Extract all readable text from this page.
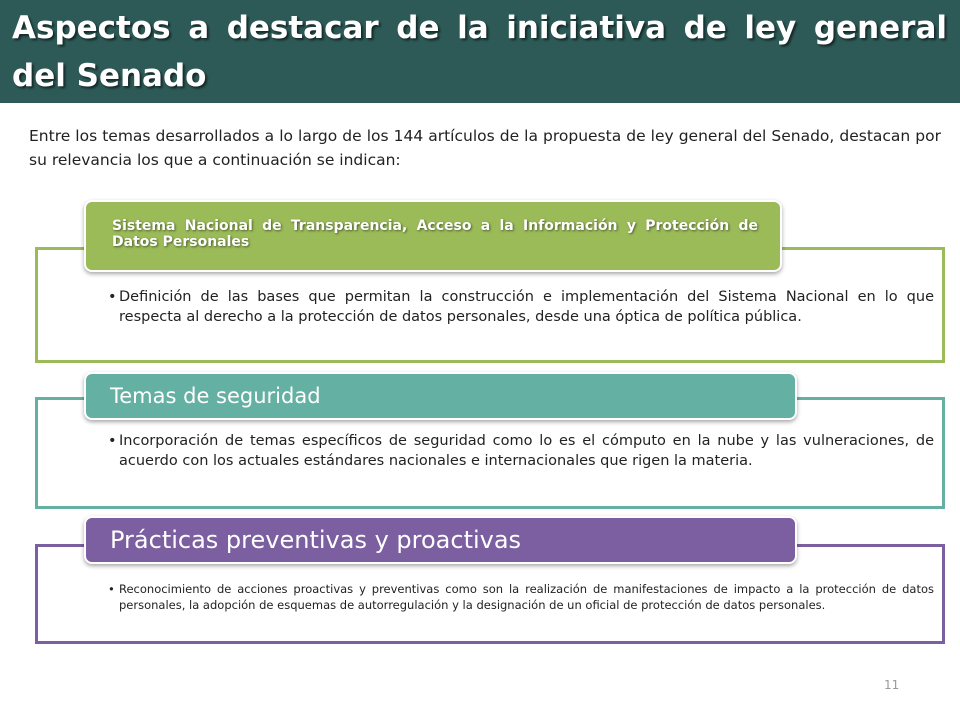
Aspectos a destacar de la iniciativa de ley general del Senado
Entre los temas desarrollados a lo largo de los 144 artículos de la propuesta de ley general del Senado, destacan por su relevancia los que a continuación se indican:
• Definición de las bases que permitan la construcción e implementación del Sistema Nacional en lo que respecta al derecho a la protección de datos personales, desde una óptica de política pública.
Sistema Nacional de Transparencia, Acceso a la Información y Protección de Datos Personales
• Incorporación de temas específicos de seguridad como lo es el cómputo en la nube y las vulneraciones, de acuerdo con los actuales estándares nacionales e internacionales que rigen la materia.
Temas de seguridad
• Reconocimiento de acciones proactivas y preventivas como son la realización de manifestaciones de impacto a la protección de datos personales, la adopción de esquemas de autorregulación y la designación de un oficial de protección de datos personales.
Prácticas preventivas y proactivas
11
